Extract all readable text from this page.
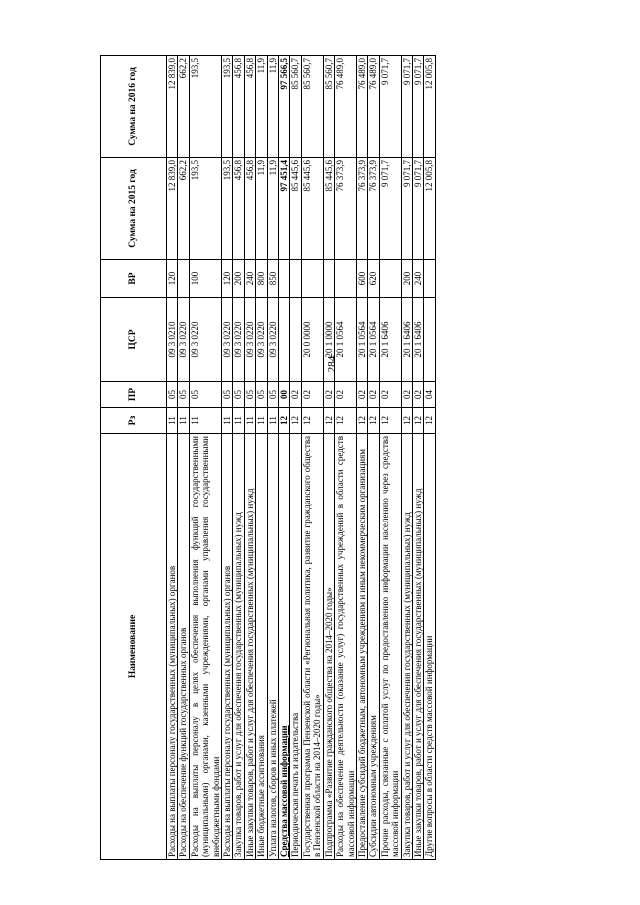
284
Наименование	Рз	ПР	ЦСР	ВР	Сумма на 2015 год	Сумма на 2016 год
Расходы на выплаты персоналу государственных (муниципальных) органов	11	05	09 3 0210	120	12 839,0	12 839,0
Расходы на обеспечение функций государственных органов	11	05	09 3 0220		662,2	662,2
Расходы на выплаты персоналу в целях обеспечения выполнения функций государственными (муниципальными) органами, казенными учреждениями, органами управления государственными внебюджетными фондами	11	05	09 3 0220	100	193,5	193,5
Расходы на выплаты персоналу государственных (муниципальных) органов	11	05	09 3 0220	120	193,5	193,5
Закупка товаров, работ и услуг для обеспечения государственных (муниципальных) нужд	11	05	09 3 0220	200	456,8	456,8
Иные закупки товаров, работ и услуг для обеспечения государственных (муниципальных) нужд	11	05	09 3 0220	240	456,8	456,8
Иные бюджетные ассигнования	11	05	09 3 0220	800	11,9	11,9
Уплата налогов, сборов и иных платежей	11	05	09 3 0220	850	11,9	11,9
Средства массовой информации	12	00			97 451,4	97 566,5
Периодическая печать и издательства	12	02			85 445,6	85 560,7
Государственная программа Пензенской области «Региональная политика, развитие гражданского общества в Пензенской области на 2014–2020 годы»	12	02	20 0 0000		85 445,6	85 560,7
Подпрограмма «Развитие гражданского общества на 2014–2020 годы»	12	02	20 1 0000		85 445,6	85 560,7
Расходы на обеспечение деятельности (оказание услуг) государственных учреждений в области средств массовой информации	12	02	20 1 0564		76 373,9	76 489,0
Предоставление субсидий бюджетным, автономным учреждениям и иным некоммерческим организациям	12	02	20 1 0564	600	76 373,9	76 489,0
Субсидии автономным учреждениям	12	02	20 1 0564	620	76 373,9	76 489,0
Прочие расходы, связанные с оплатой услуг по предоставлению информации населению через средства массовой информации	12	02	20 1 6406		9 071,7	9 071,7
Закупка товаров, работ и услуг для обеспечения государственных (муниципальных) нужд	12	02	20 1 6406	200	9 071,7	9 071,7
Иные закупки товаров, работ и услуг для обеспечения государственных (муниципальных) нужд	12	02	20 1 6406	240	9 071,7	9 071,7
Другие вопросы в области средств массовой информации	12	04			12 005,8	12 005,8
